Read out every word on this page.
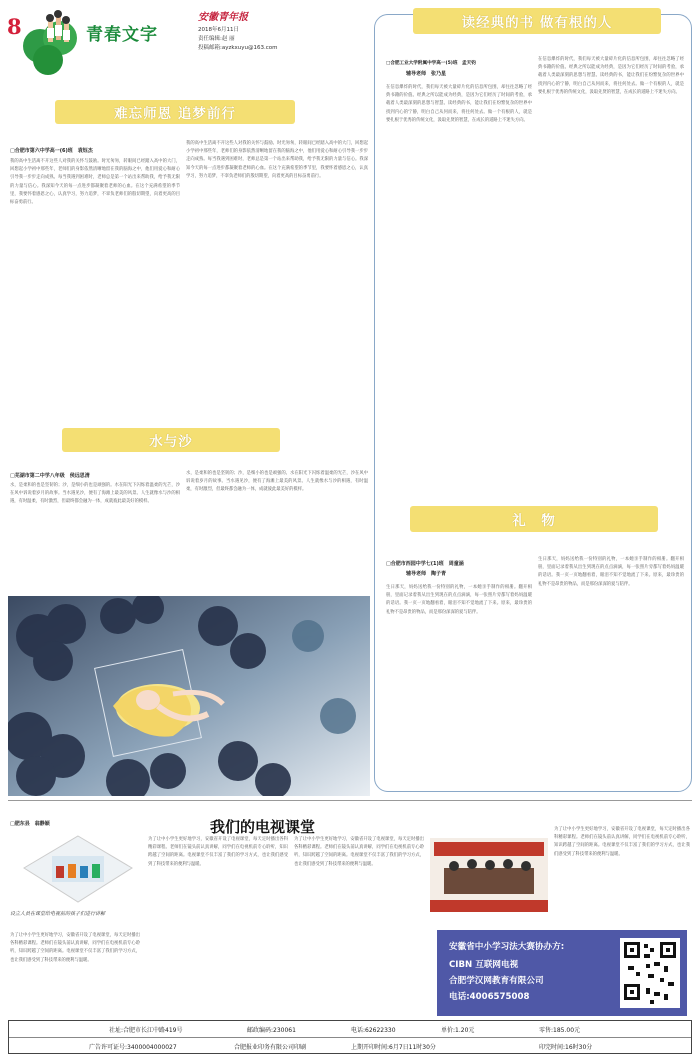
8	青春文字
安徽青年报
2018年6月11日
责任编辑:赵 丽
投稿邮箱:ayzkxuyu@163.com
难忘师恩 追梦前行
□合肥市第六中学高一(6)班　袁钰杰
我的高中生活离不开这些人对我的关怀与鼓励。时光匆匆，转眼间已经踏入高中的大门，回想起小学初中那些年，老师们的身影依然清晰地留在我的脑海之中，他们用爱心和耐心引导我一步步走向成熟。每当我遇到困难时，老师总是第一个站出来帮助我，给予我无限的力量与信心。我深知今天的每一点进步都凝聚着老师的心血。在这个充满希望的季节里，我要怀着感恩之心，认真学习，努力追梦，不辜负老师们的殷切期望，向着更高的目标奋勇前行。
我的高中生活离不开这些人对我的关怀与鼓励。时光匆匆，转眼间已经踏入高中的大门，回想起小学初中那些年，老师们的身影依然清晰地留在我的脑海之中，他们用爱心和耐心引导我一步步走向成熟。每当我遇到困难时，老师总是第一个站出来帮助我，给予我无限的力量与信心。我深知今天的每一点进步都凝聚着老师的心血。在这个充满希望的季节里，我要怀着感恩之心，认真学习，努力追梦，不辜负老师们的殷切期望，向着更高的目标奋勇前行。
水与沙
□芜湖市第二中学八年级　侯远思清
水，是柔和的也是坚韧的；沙，是细小的也是顽强的。水在阳光下闪烁着温柔的光芒，沙在风中诉说着岁月的故事。当水遇见沙，便有了海滩上最美的风景。人生就像水与沙的相遇，有时温柔，有时激烈，但最终都会融为一体，成就彼此最美好的模样。
水，是柔和的也是坚韧的；沙，是细小的也是顽强的。水在阳光下闪烁着温柔的光芒，沙在风中诉说着岁月的故事。当水遇见沙，便有了海滩上最美的风景。人生就像水与沙的相遇，有时温柔，有时激烈，但最终都会融为一体，成就彼此最美好的模样。
读经典的书 做有根的人
□合肥工业大学附属中学高一(5)班　孟天钧
辅导老师　张乃星
在信息爆炸的时代，我们每天被大量碎片化的信息所包围，却往往忽略了经典书籍的价值。经典之所以能成为经典，是因为它们经历了时间的考验，承载着人类最深刻的思想与智慧。读经典的书，能让我们在纷繁复杂的世界中找到内心的宁静，明白自己从何而来，将往何处去。做一个有根的人，就是要扎根于优秀的传统文化，汲取先贤的智慧，在成长的道路上不迷失方向。
在信息爆炸的时代，我们每天被大量碎片化的信息所包围，却往往忽略了经典书籍的价值。经典之所以能成为经典，是因为它们经历了时间的考验，承载着人类最深刻的思想与智慧。读经典的书，能让我们在纷繁复杂的世界中找到内心的宁静，明白自己从何而来，将往何处去。做一个有根的人，就是要扎根于优秀的传统文化，汲取先贤的智慧，在成长的道路上不迷失方向。
礼　物
□合肥市西园中学七(1)班　周童涵
辅导老师　陶子青
生日那天，妈妈送给我一份特别的礼物，一本她亲手制作的相册。翻开相册，里面记录着我从出生到现在的点点滴滴，每一张照片旁都写着妈妈温暖的话语。我一页一页地翻看着，眼泪不知不觉地流了下来。原来，最珍贵的礼物不是昂贵的物品，而是那份深深的爱与陪伴。
生日那天，妈妈送给我一份特别的礼物，一本她亲手制作的相册。翻开相册，里面记录着我从出生到现在的点点滴滴，每一张照片旁都写着妈妈温暖的话语。我一页一页地翻看着，眼泪不知不觉地流了下来。原来，最珍贵的礼物不是昂贵的物品，而是那份深深的爱与陪伴。
□肥东县　翁静颖	我们的电视课堂
设立人员在课堂给电视前的孩子们进行讲解
为了让中小学生更好地学习，安徽省开设了电视课堂，每天定时播出各科精彩课程。老师们在镜头前认真讲解，同学们在电视机前专心聆听，知识跨越了空间的距离。电视课堂不仅丰富了我们的学习方式，也让我们感受到了科技带来的便利与温暖。
为了让中小学生更好地学习，安徽省开设了电视课堂，每天定时播出各科精彩课程。老师们在镜头前认真讲解，同学们在电视机前专心聆听，知识跨越了空间的距离。电视课堂不仅丰富了我们的学习方式，也让我们感受到了科技带来的便利与温暖。
为了让中小学生更好地学习，安徽省开设了电视课堂，每天定时播出各科精彩课程。老师们在镜头前认真讲解，同学们在电视机前专心聆听，知识跨越了空间的距离。电视课堂不仅丰富了我们的学习方式，也让我们感受到了科技带来的便利与温暖。
为了让中小学生更好地学习，安徽省开设了电视课堂，每天定时播出各科精彩课程。老师们在镜头前认真讲解，同学们在电视机前专心聆听，知识跨越了空间的距离。电视课堂不仅丰富了我们的学习方式，也让我们感受到了科技带来的便利与温暖。
安徽省中小学习法大赛协办方:
CIBN 互联网电视
合肥学汉网教育有限公司
电话:4006575008
社址:合肥市长江中路419号	邮政编码:230061	电话:62622330	单价:1.20元	零售:185.00元
广告许可证号:3400004000027	合肥报业印务有限公司印刷	上期开印时间:6月7日11时30分	印完时间:16时30分
